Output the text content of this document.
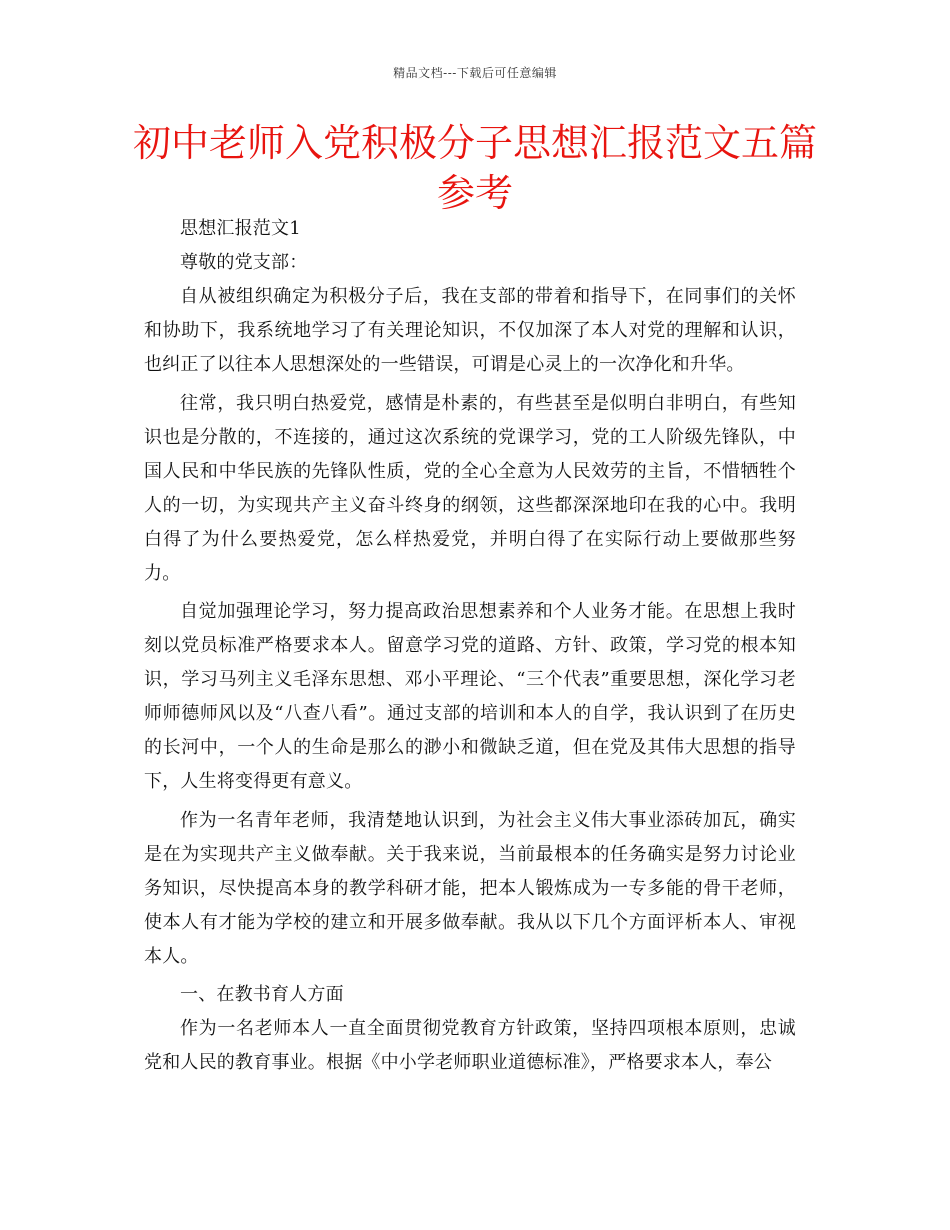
精品文档---下载后可任意编辑
初中老师入党积极分子思想汇报范文五篇参考

思想汇报范文1

尊敬的党支部：

自从被组织确定为积极分子后，我在支部的带着和指导下，在同事们的关怀和协助下，我系统地学习了有关理论知识，不仅加深了本人对党的理解和认识，也纠正了以往本人思想深处的一些错误，可谓是心灵上的一次净化和升华。

往常，我只明白热爱党，感情是朴素的，有些甚至是似明白非明白，有些知识也是分散的，不连接的，通过这次系统的党课学习，党的工人阶级先锋队，中国人民和中华民族的先锋队性质，党的全心全意为人民效劳的主旨，不惜牺牲个人的一切，为实现共产主义奋斗终身的纲领，这些都深深地印在我的心中。我明白得了为什么要热爱党，怎么样热爱党，并明白得了在实际行动上要做那些努力。

自觉加强理论学习，努力提高政治思想素养和个人业务才能。在思想上我时刻以党员标准严格要求本人。留意学习党的道路、方针、政策，学习党的根本知识，学习马列主义毛泽东思想、邓小平理论、“三个代表”重要思想，深化学习老师师德师风以及“八查八看”。通过支部的培训和本人的自学，我认识到了在历史的长河中，一个人的生命是那么的渺小和微缺乏道，但在党及其伟大思想的指导下，人生将变得更有意义。

作为一名青年老师，我清楚地认识到，为社会主义伟大事业添砖加瓦，确实是在为实现共产主义做奉献。关于我来说，当前最根本的任务确实是努力讨论业务知识，尽快提高本身的教学科研才能，把本人锻炼成为一专多能的骨干老师，使本人有才能为学校的建立和开展多做奉献。我从以下几个方面评析本人、审视本人。

一、在教书育人方面

作为一名老师本人一直全面贯彻党教育方针政策，坚持四项根本原则，忠诚党和人民的教育事业。根据《中小学老师职业道德标准》，严格要求本人，奉公
